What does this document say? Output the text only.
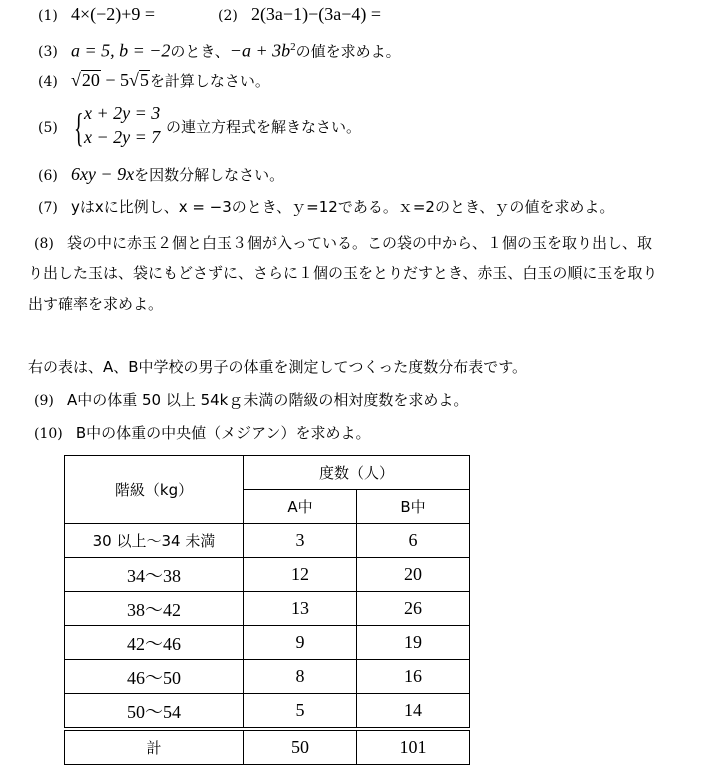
(1) 4×(−2)+9 =	(2) 2(3a−1)−(3a−4) =
(3) a = 5, b = −2のとき、$-a + 3b^2$の値を求めよ。
(4) √20 − 5√5を計算しなさい。
(5) { x + 2y = 3
x − 2y = 7 の連立方程式を解きなさい。
(6) 6xy − 9xを因数分解しなさい。
(7) yはxに比例し、x = −3のとき、ｙ=12である。ｘ=2のとき、ｙの値を求めよ。
(8) 袋の中に赤玉２個と白玉３個が入っている。この袋の中から、１個の玉を取り出し、取
り出した玉は、袋にもどさずに、さらに１個の玉をとりだすとき、赤玉、白玉の順に玉を取り
出す確率を求めよ。
右の表は、A、B中学校の男子の体重を測定してつくった度数分布表です。
(9) A中の体重 50 以上 54kｇ未満の階級の相対度数を求めよ。
(10) B中の体重の中央値（メジアン）を求めよ。
階級（kg）	度数（人）	
	A中	B中
30 以上〜34 未満	3	6
34〜38	12	20
38〜42	13	26
42〜46	9	19
46〜50	8	16
50〜54	5	14
計	50	101
